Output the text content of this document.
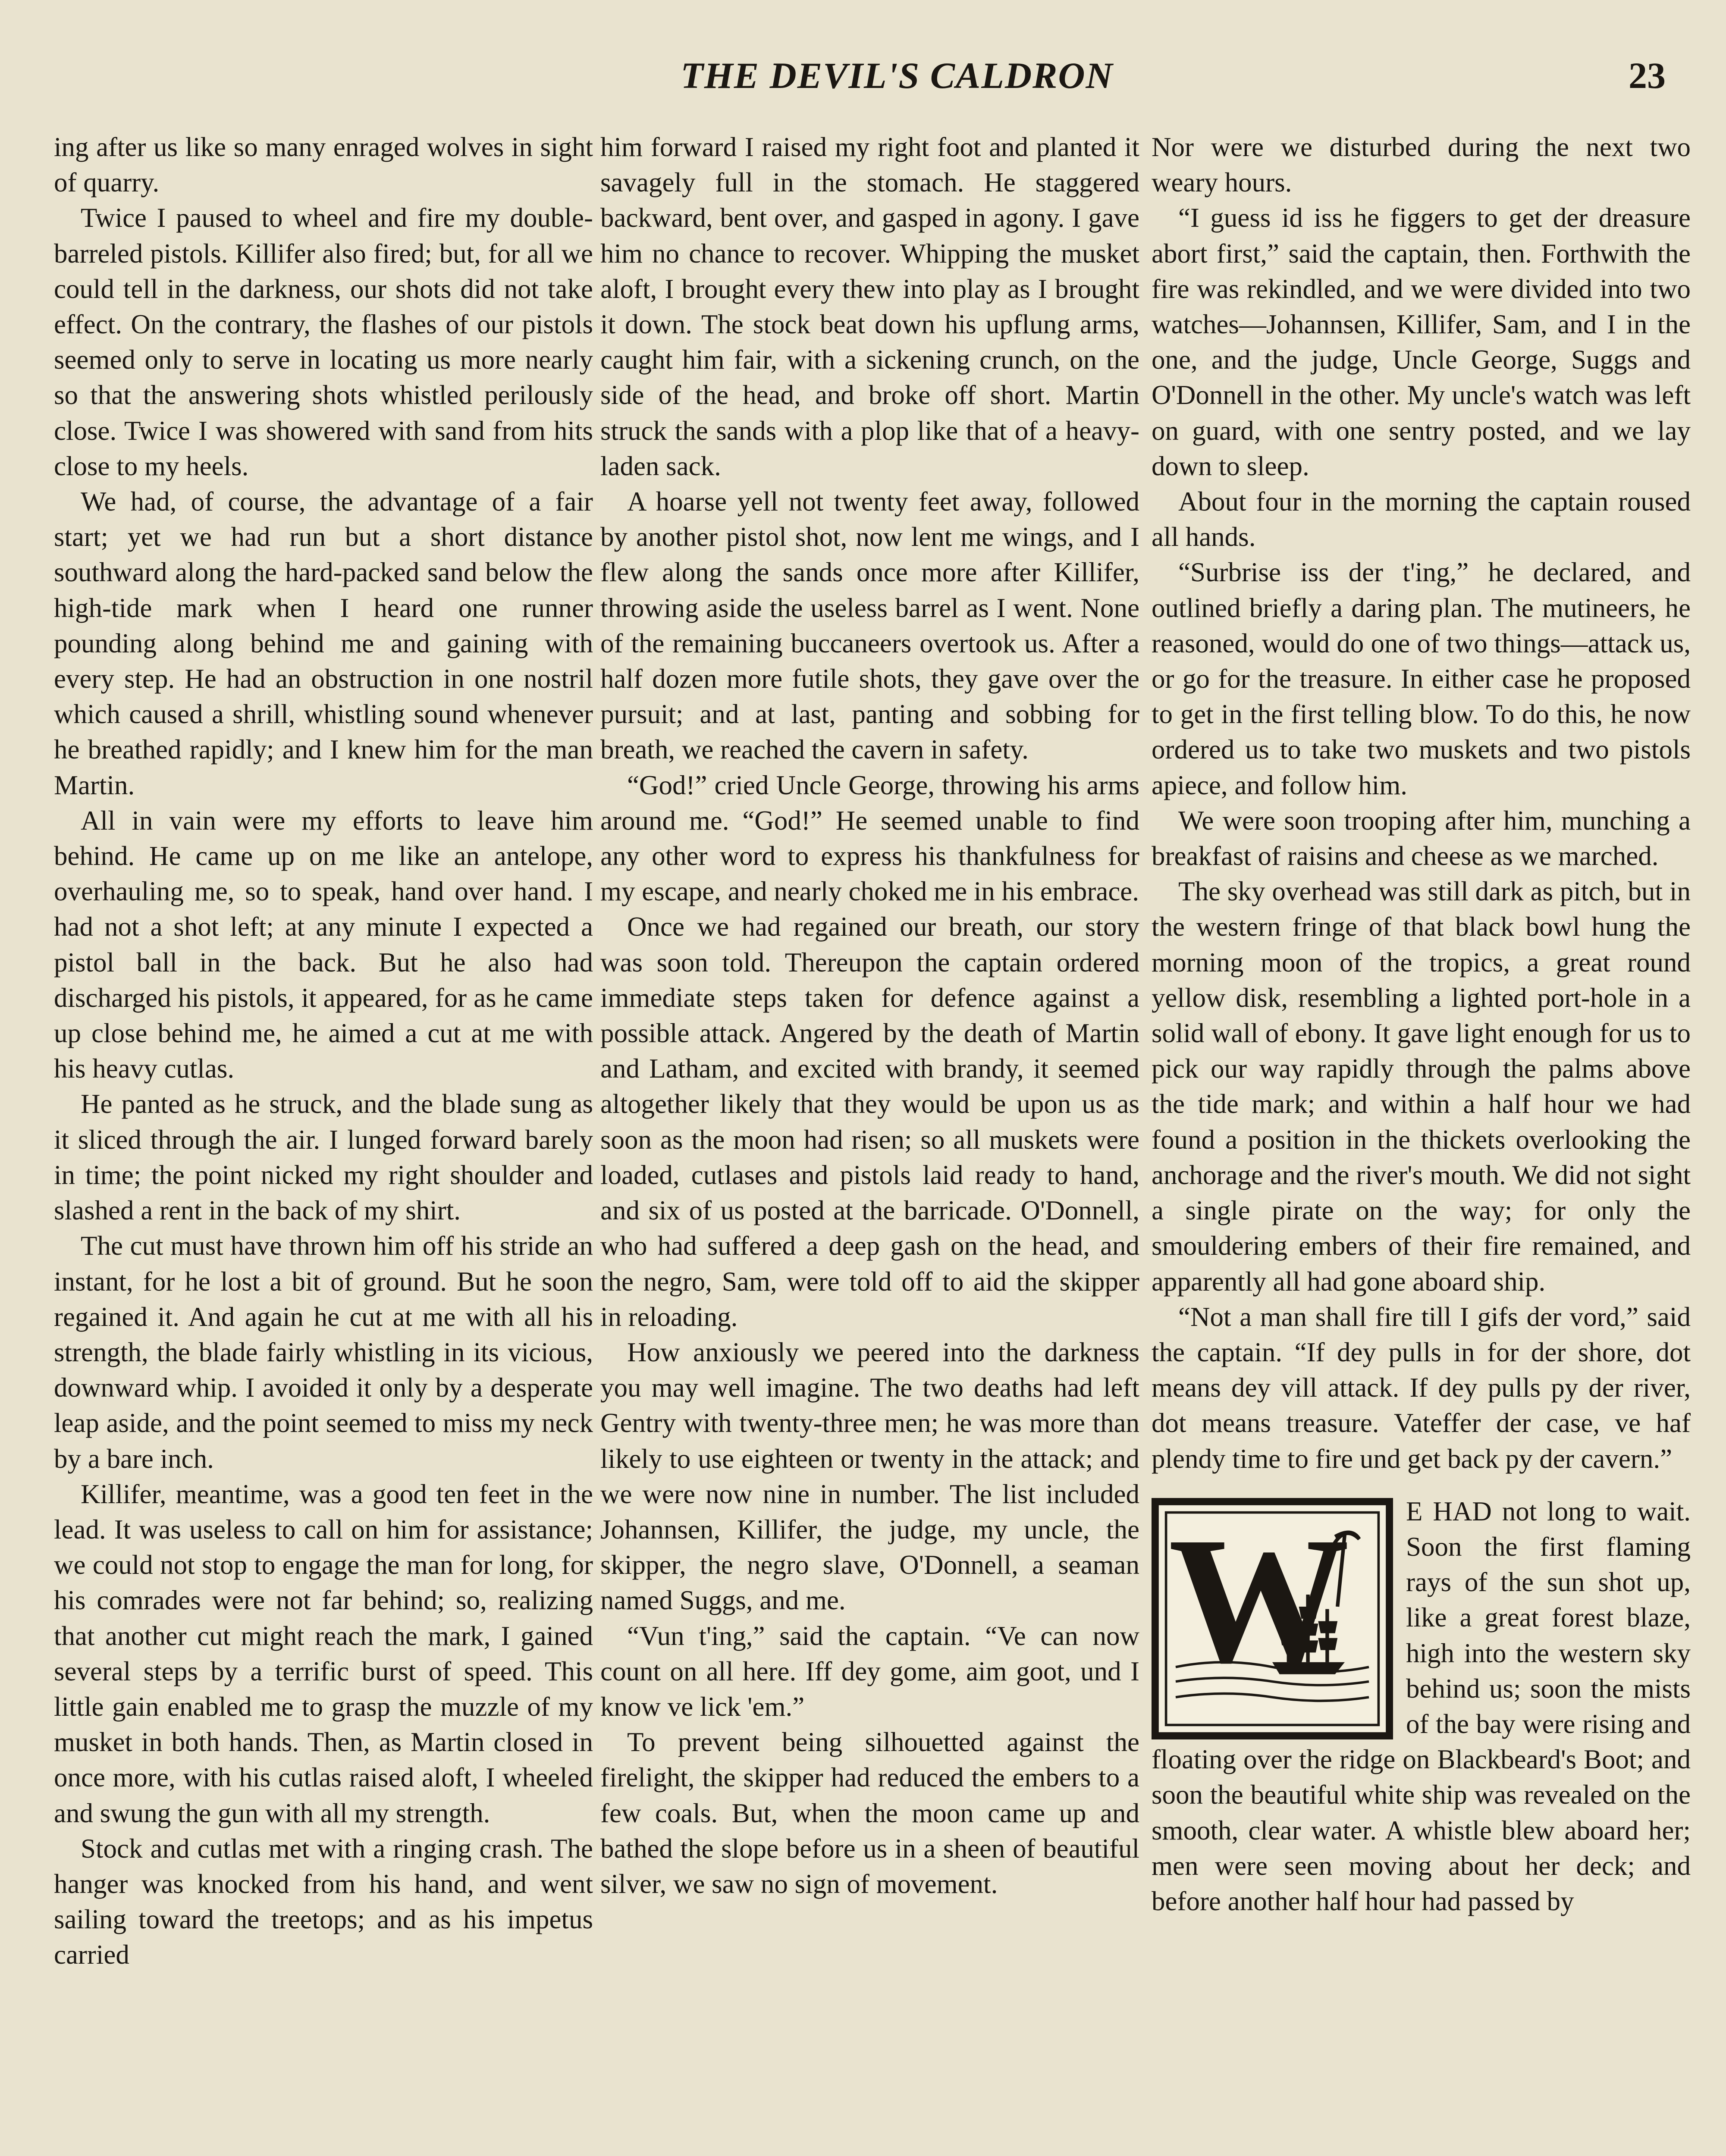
THE DEVIL'S CALDRON	23

ing after us like so many enraged wolves in sight of quarry.

Twice I paused to wheel and fire my double-barreled pistols. Killifer also fired; but, for all we could tell in the darkness, our shots did not take effect. On the contrary, the flashes of our pistols seemed only to serve in locating us more nearly so that the answering shots whistled perilously close. Twice I was showered with sand from hits close to my heels.

We had, of course, the advantage of a fair start; yet we had run but a short distance southward along the hard-packed sand below the high-tide mark when I heard one runner pounding along behind me and gaining with every step. He had an obstruction in one nostril which caused a shrill, whistling sound whenever he breathed rapidly; and I knew him for the man Martin.

All in vain were my efforts to leave him behind. He came up on me like an antelope, overhauling me, so to speak, hand over hand. I had not a shot left; at any minute I expected a pistol ball in the back. But he also had discharged his pistols, it appeared, for as he came up close behind me, he aimed a cut at me with his heavy cutlas.

He panted as he struck, and the blade sung as it sliced through the air. I lunged forward barely in time; the point nicked my right shoulder and slashed a rent in the back of my shirt.

The cut must have thrown him off his stride an instant, for he lost a bit of ground. But he soon regained it. And again he cut at me with all his strength, the blade fairly whistling in its vicious, downward whip. I avoided it only by a desperate leap aside, and the point seemed to miss my neck by a bare inch.

Killifer, meantime, was a good ten feet in the lead. It was useless to call on him for assistance; we could not stop to engage the man for long, for his comrades were not far behind; so, realizing that another cut might reach the mark, I gained several steps by a terrific burst of speed. This little gain enabled me to grasp the muzzle of my musket in both hands. Then, as Martin closed in once more, with his cutlas raised aloft, I wheeled and swung the gun with all my strength.

Stock and cutlas met with a ringing crash. The hanger was knocked from his hand, and went sailing toward the treetops; and as his impetus carried

him forward I raised my right foot and planted it savagely full in the stomach. He staggered backward, bent over, and gasped in agony. I gave him no chance to recover. Whipping the musket aloft, I brought every thew into play as I brought it down. The stock beat down his upflung arms, caught him fair, with a sickening crunch, on the side of the head, and broke off short. Martin struck the sands with a plop like that of a heavy-laden sack.

A hoarse yell not twenty feet away, followed by another pistol shot, now lent me wings, and I flew along the sands once more after Killifer, throwing aside the useless barrel as I went. None of the remaining buccaneers overtook us. After a half dozen more futile shots, they gave over the pursuit; and at last, panting and sobbing for breath, we reached the cavern in safety.

“God!” cried Uncle George, throwing his arms around me. “God!” He seemed unable to find any other word to express his thankfulness for my escape, and nearly choked me in his embrace.

Once we had regained our breath, our story was soon told. Thereupon the captain ordered immediate steps taken for defence against a possible attack. Angered by the death of Martin and Latham, and excited with brandy, it seemed altogether likely that they would be upon us as soon as the moon had risen; so all muskets were loaded, cutlases and pistols laid ready to hand, and six of us posted at the barricade. O'Donnell, who had suffered a deep gash on the head, and the negro, Sam, were told off to aid the skipper in reloading.

How anxiously we peered into the darkness you may well imagine. The two deaths had left Gentry with twenty-three men; he was more than likely to use eighteen or twenty in the attack; and we were now nine in number. The list included Johannsen, Killifer, the judge, my uncle, the skipper, the negro slave, O'Donnell, a seaman named Suggs, and me.

“Vun t'ing,” said the captain. “Ve can now count on all here. Iff dey gome, aim goot, und I know ve lick 'em.”

To prevent being silhouetted against the firelight, the skipper had reduced the embers to a few coals. But, when the moon came up and bathed the slope before us in a sheen of beautiful silver, we saw no sign of movement.

Nor were we disturbed during the next two weary hours.

“I guess id iss he figgers to get der dreasure abort first,” said the captain, then. Forthwith the fire was rekindled, and we were divided into two watches—Johannsen, Killifer, Sam, and I in the one, and the judge, Uncle George, Suggs and O'Donnell in the other. My uncle's watch was left on guard, with one sentry posted, and we lay down to sleep.

About four in the morning the captain roused all hands.

“Surbrise iss der t'ing,” he declared, and outlined briefly a daring plan. The mutineers, he reasoned, would do one of two things—attack us, or go for the treasure. In either case he proposed to get in the first telling blow. To do this, he now ordered us to take two muskets and two pistols apiece, and follow him.

We were soon trooping after him, munching a breakfast of raisins and cheese as we marched.

The sky overhead was still dark as pitch, but in the western fringe of that black bowl hung the morning moon of the tropics, a great round yellow disk, resembling a lighted port-hole in a solid wall of ebony. It gave light enough for us to pick our way rapidly through the palms above the tide mark; and within a half hour we had found a position in the thickets overlooking the anchorage and the river's mouth. We did not sight a single pirate on the way; for only the smouldering embers of their fire remained, and apparently all had gone aboard ship.

“Not a man shall fire till I gifs der vord,” said the captain. “If dey pulls in for der shore, dot means dey vill attack. If dey pulls py der river, dot means treasure. Vateffer der case, ve haf plendy time to fire und get back py der cavern.”

W	E HAD not long to wait. Soon the first flaming rays of the sun shot up, like a great forest blaze, high into the western sky behind us; soon the mists of the bay were rising and floating over the ridge on Blackbeard's Boot; and soon the beautiful white ship was revealed on the smooth, clear water. A whistle blew aboard her; men were seen moving about her deck; and before another half hour had passed by
